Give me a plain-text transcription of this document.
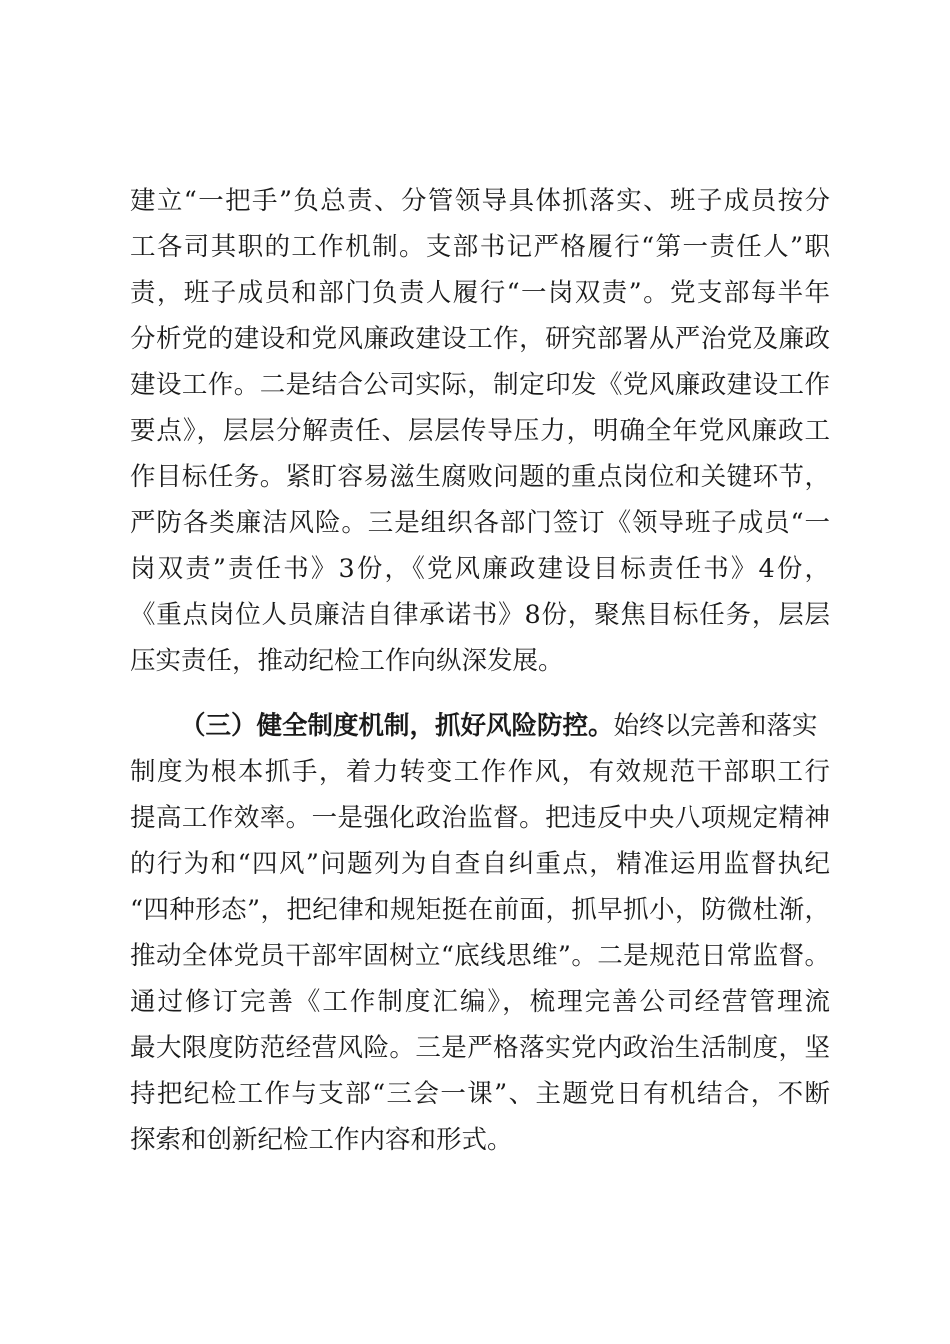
建立“一把手”负总责、分管领导具体抓落实、班子成员按分
工各司其职的工作机制。支部书记严格履行“第一责任人”职
责，班子成员和部门负责人履行“一岗双责”。党支部每半年
分析党的建设和党风廉政建设工作，研究部署从严治党及廉政
建设工作。二是结合公司实际，制定印发《党风廉政建设工作
要点》，层层分解责任、层层传导压力，明确全年党风廉政工
作目标任务。紧盯容易滋生腐败问题的重点岗位和关键环节，
严防各类廉洁风险。三是组织各部门签订《领导班子成员“一
岗双责”责任书》3份，《党风廉政建设目标责任书》4份，
《重点岗位人员廉洁自律承诺书》8份，聚焦目标任务，层层
压实责任，推动纪检工作向纵深发展。
（三）健全制度机制，抓好风险防控。始终以完善和落实
制度为根本抓手，着力转变工作作风，有效规范干部职工行
提高工作效率。一是强化政治监督。把违反中央八项规定精神
的行为和“四风”问题列为自查自纠重点，精准运用监督执纪
“四种形态”，把纪律和规矩挺在前面，抓早抓小，防微杜渐，
推动全体党员干部牢固树立“底线思维”。二是规范日常监督。
通过修订完善《工作制度汇编》，梳理完善公司经营管理流
最大限度防范经营风险。三是严格落实党内政治生活制度，坚
持把纪检工作与支部“三会一课”、主题党日有机结合，不断
探索和创新纪检工作内容和形式。
